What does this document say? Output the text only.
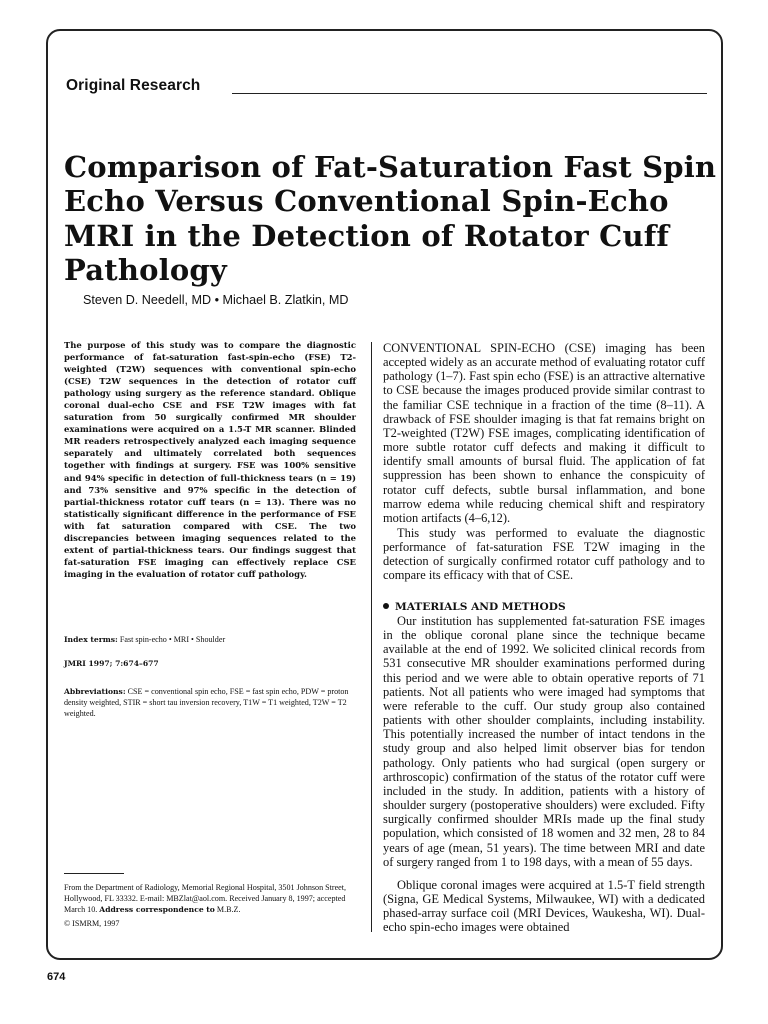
Original Research
Comparison of Fat-Saturation Fast Spin Echo Versus Conventional Spin-Echo MRI in the Detection of Rotator Cuff Pathology
Steven D. Needell, MD • Michael B. Zlatkin, MD

The purpose of this study was to compare the diagnostic performance of fat-saturation fast-spin-echo (FSE) T2-weighted (T2W) sequences with conventional spin-echo (CSE) T2W sequences in the detection of rotator cuff pathology using surgery as the reference standard. Oblique coronal dual-echo CSE and FSE T2W images with fat saturation from 50 surgically confirmed MR shoulder examinations were acquired on a 1.5-T MR scanner. Blinded MR readers retrospectively analyzed each imaging sequence separately and ultimately correlated both sequences together with findings at surgery. FSE was 100% sensitive and 94% specific in detection of full-thickness tears (n = 19) and 73% sensitive and 97% specific in the detection of partial-thickness rotator cuff tears (n = 13). There was no statistically significant difference in the performance of FSE with fat saturation compared with CSE. The two discrepancies between imaging sequences related to the extent of partial-thickness tears. Our findings suggest that fat-saturation FSE imaging can effectively replace CSE imaging in the evaluation of rotator cuff pathology.

Index terms: Fast spin-echo • MRI • Shoulder

JMRI 1997; 7:674–677

Abbreviations: CSE = conventional spin echo, FSE = fast spin echo, PDW = proton density weighted, STIR = short tau inversion recovery, T1W = T1 weighted, T2W = T2 weighted.

From the Department of Radiology, Memorial Regional Hospital, 3501 Johnson Street, Hollywood, FL 33332. E-mail: MBZlat@aol.com. Received January 8, 1997; accepted March 10. Address correspondence to M.B.Z.

© ISMRM, 1997

CONVENTIONAL SPIN-ECHO (CSE) imaging has been accepted widely as an accurate method of evaluating rotator cuff pathology (1–7). Fast spin echo (FSE) is an attractive alternative to CSE because the images produced provide similar contrast to the familiar CSE technique in a fraction of the time (8–11). A drawback of FSE shoulder imaging is that fat remains bright on T2-weighted (T2W) FSE images, complicating identification of more subtle rotator cuff defects and making it difficult to identify small amounts of bursal fluid. The application of fat suppression has been shown to enhance the conspicuity of rotator cuff defects, subtle bursal inflammation, and bone marrow edema while reducing chemical shift and respiratory motion artifacts (4–6,12).

This study was performed to evaluate the diagnostic performance of fat-saturation FSE T2W imaging in the detection of surgically confirmed rotator cuff pathology and to compare its efficacy with that of CSE.

MATERIALS AND METHODS

Our institution has supplemented fat-saturation FSE images in the oblique coronal plane since the technique became available at the end of 1992. We solicited clinical records from 531 consecutive MR shoulder examinations performed during this period and we were able to obtain operative reports of 71 patients. Not all patients who were imaged had symptoms that were referable to the cuff. Our study group also contained patients with other shoulder complaints, including instability. This potentially increased the number of intact tendons in the study group and also helped limit observer bias for tendon pathology. Only patients who had surgical (open surgery or arthroscopic) confirmation of the status of the rotator cuff were included in the study. In addition, patients with a history of shoulder surgery (postoperative shoulders) were excluded. Fifty surgically confirmed shoulder MRIs made up the final study population, which consisted of 18 women and 32 men, 28 to 84 years of age (mean, 51 years). The time between MRI and date of surgery ranged from 1 to 198 days, with a mean of 55 days.

Oblique coronal images were acquired at 1.5-T field strength (Signa, GE Medical Systems, Milwaukee, WI) with a dedicated phased-array surface coil (MRI Devices, Waukesha, WI). Dual-echo spin-echo images were obtained

674
